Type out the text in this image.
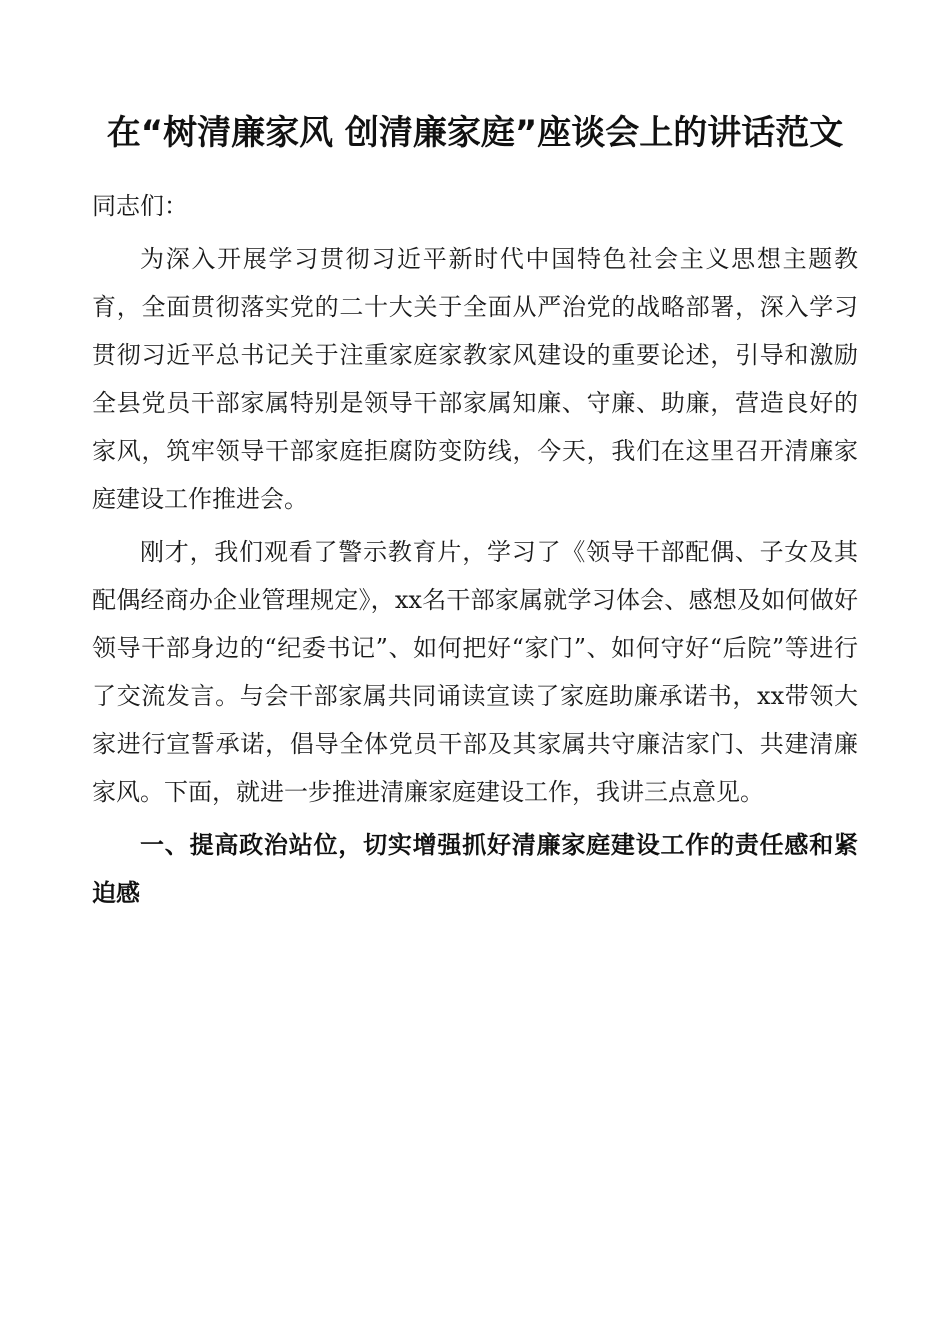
在“树清廉家风 创清廉家庭”座谈会上的讲话范文

同志们：

为深入开展学习贯彻习近平新时代中国特色社会主义思想主题教育，全面贯彻落实党的二十大关于全面从严治党的战略部署，深入学习贯彻习近平总书记关于注重家庭家教家风建设的重要论述，引导和激励全县党员干部家属特别是领导干部家属知廉、守廉、助廉，营造良好的家风，筑牢领导干部家庭拒腐防变防线，今天，我们在这里召开清廉家庭建设工作推进会。

刚才，我们观看了警示教育片，学习了《领导干部配偶、子女及其配偶经商办企业管理规定》，xx名干部家属就学习体会、感想及如何做好领导干部身边的“纪委书记”、如何把好“家门”、如何守好“后院”等进行了交流发言。与会干部家属共同诵读宣读了家庭助廉承诺书，xx带领大家进行宣誓承诺，倡导全体党员干部及其家属共守廉洁家门、共建清廉家风。下面，就进一步推进清廉家庭建设工作，我讲三点意见。

一、提高政治站位，切实增强抓好清廉家庭建设工作的责任感和紧迫感
